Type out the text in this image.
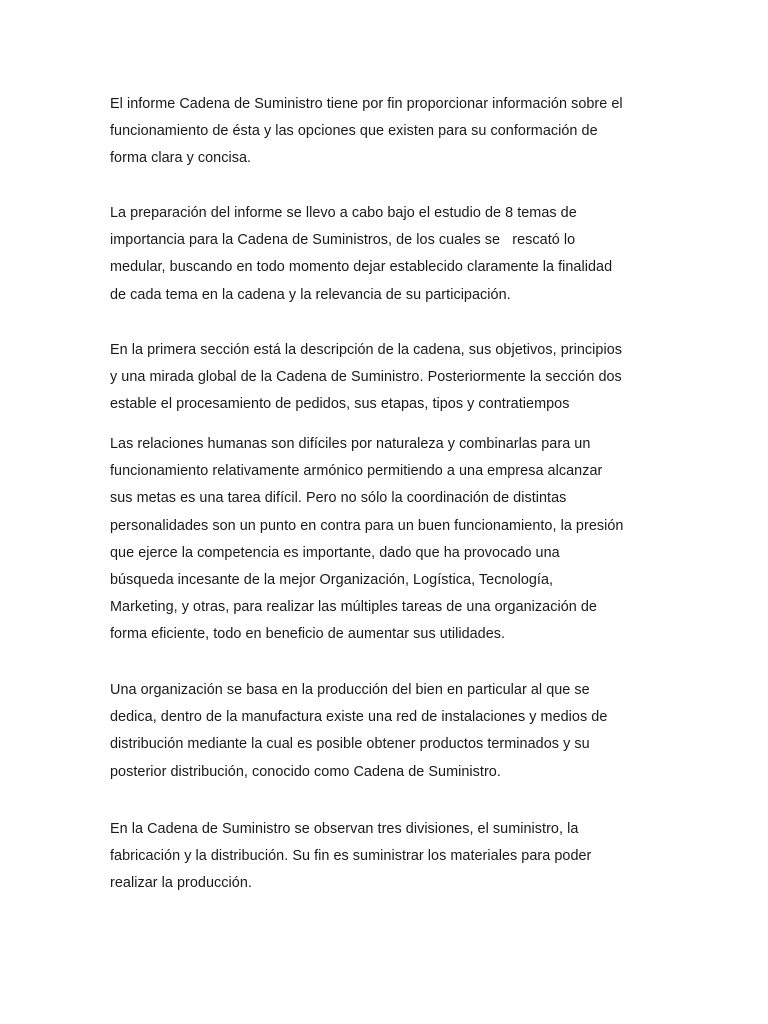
El informe Cadena de Suministro tiene por fin proporcionar información sobre el
funcionamiento de ésta y las opciones que existen para su conformación de
forma clara y concisa.

La preparación del informe se llevo a cabo bajo el estudio de 8 temas de
importancia para la Cadena de Suministros, de los cuales se   rescató lo
medular, buscando en todo momento dejar establecido claramente la finalidad
de cada tema en la cadena y la relevancia de su participación.

En la primera sección está la descripción de la cadena, sus objetivos, principios
y una mirada global de la Cadena de Suministro. Posteriormente la sección dos
estable el procesamiento de pedidos, sus etapas, tipos y contratiempos

Las relaciones humanas son difíciles por naturaleza y combinarlas para un
funcionamiento relativamente armónico permitiendo a una empresa alcanzar
sus metas es una tarea difícil. Pero no sólo la coordinación de distintas
personalidades son un punto en contra para un buen funcionamiento, la presión
que ejerce la competencia es importante, dado que ha provocado una
búsqueda incesante de la mejor Organización, Logística, Tecnología,
Marketing, y otras, para realizar las múltiples tareas de una organización de
forma eficiente, todo en beneficio de aumentar sus utilidades.

Una organización se basa en la producción del bien en particular al que se
dedica, dentro de la manufactura existe una red de instalaciones y medios de
distribución mediante la cual es posible obtener productos terminados y su
posterior distribución, conocido como Cadena de Suministro.

En la Cadena de Suministro se observan tres divisiones, el suministro, la
fabricación y la distribución. Su fin es suministrar los materiales para poder
realizar la producción.
